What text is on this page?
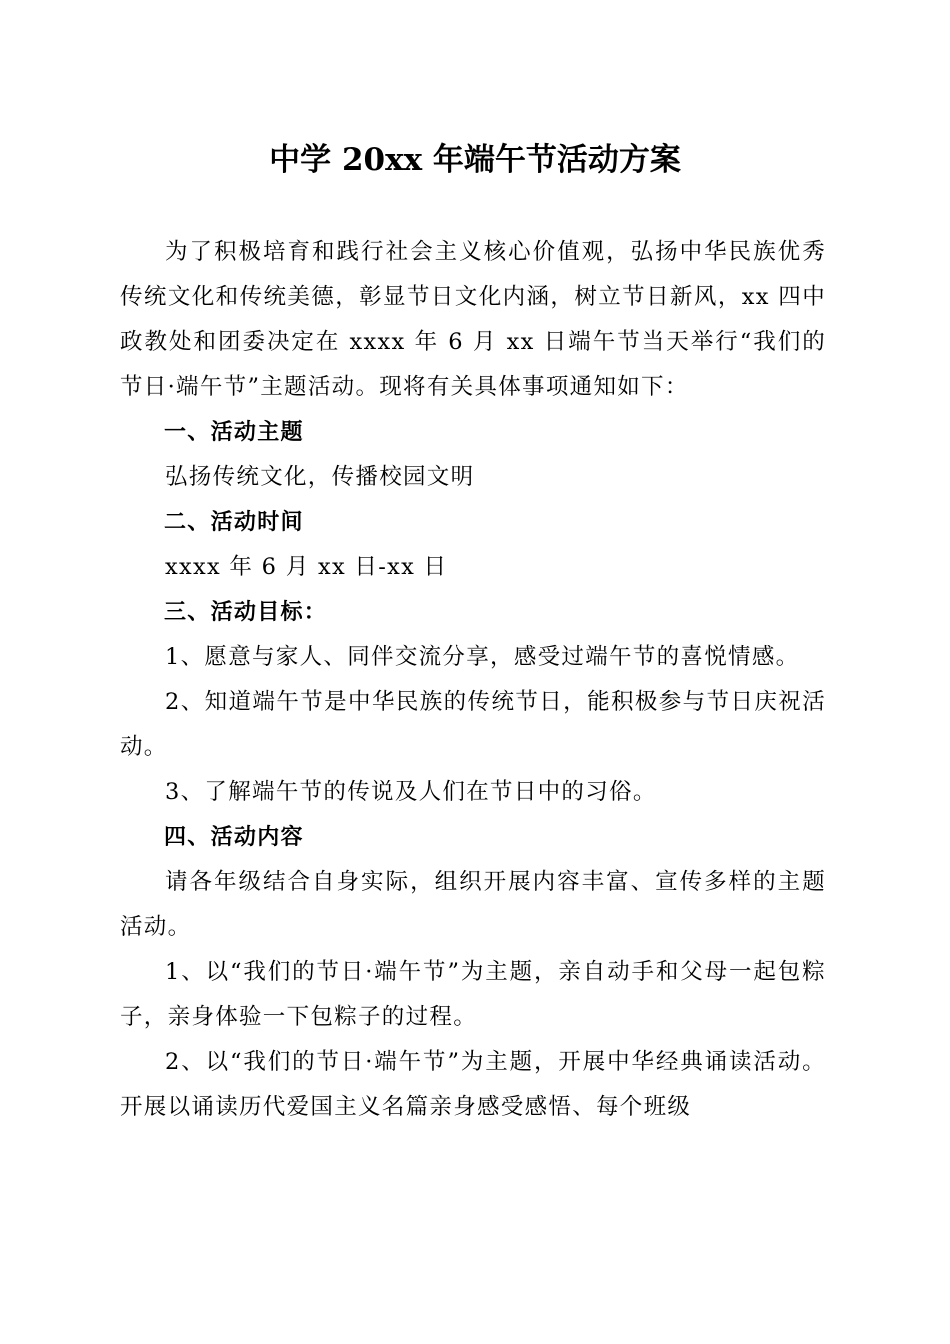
中学 20xx 年端午节活动方案

为了积极培育和践行社会主义核心价值观，弘扬中华民族优秀传统文化和传统美德，彰显节日文化内涵，树立节日新风，xx 四中政教处和团委决定在 xxxx 年 6 月 xx 日端午节当天举行“我们的节日·端午节”主题活动。现将有关具体事项通知如下：

一、活动主题

弘扬传统文化，传播校园文明

二、活动时间

xxxx 年 6 月 xx 日-xx 日

三、活动目标：

1、愿意与家人、同伴交流分享，感受过端午节的喜悦情感。

2、知道端午节是中华民族的传统节日，能积极参与节日庆祝活动。

3、了解端午节的传说及人们在节日中的习俗。

四、活动内容

请各年级结合自身实际，组织开展内容丰富、宣传多样的主题活动。

1、以“我们的节日·端午节”为主题，亲自动手和父母一起包粽子，亲身体验一下包粽子的过程。

2、以“我们的节日·端午节”为主题，开展中华经典诵读活动。开展以诵读历代爱国主义名篇亲身感受感悟、每个班级
